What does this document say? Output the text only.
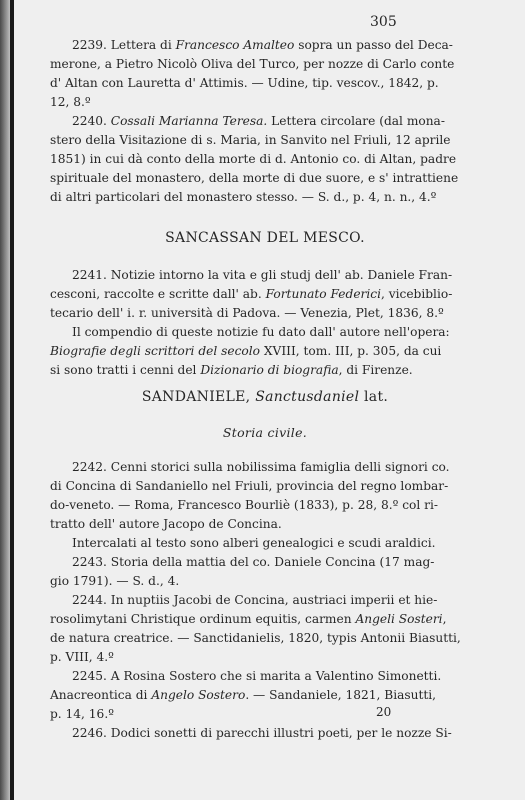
305
2239. Lettera di Francesco Amalteo sopra un passo del Deca-
merone, a Pietro Nicolò Oliva del Turco, per nozze di Carlo conte
d' Altan con Lauretta d' Attimis. — Udine, tip. vescov., 1842, p.
12, 8.º
2240. Cossali Marianna Teresa. Lettera circolare (dal mona-
stero della Visitazione di s. Maria, in Sanvito nel Friuli, 12 aprile
1851) in cui dà conto della morte di d. Antonio co. di Altan, padre
spirituale del monastero, della morte di due suore, e s' intrattiene
di altri particolari del monastero stesso. — S. d., p. 4, n. n., 4.º
SANCASSAN DEL MESCO.
2241. Notizie intorno la vita e gli studj dell' ab. Daniele Fran-
cesconi, raccolte e scritte dall' ab. Fortunato Federici, vicebiblio-
tecario dell' i. r. università di Padova. — Venezia, Plet, 1836, 8.º
Il compendio di queste notizie fu dato dall' autore nell'opera:
Biografie degli scrittori del secolo XVIII, tom. III, p. 305, da cui
si sono tratti i cenni del Dizionario di biografia, di Firenze.
SANDANIELE, Sanctusdaniel lat.
Storia civile.
2242. Cenni storici sulla nobilissima famiglia delli signori co.
di Concina di Sandaniello nel Friuli, provincia del regno lombar-
do-veneto. — Roma, Francesco Bourliè (1833), p. 28, 8.º col ri-
tratto dell' autore Jacopo de Concina.
Intercalati al testo sono alberi genealogici e scudi araldici.
2243. Storia della mattia del co. Daniele Concina (17 mag-
gio 1791). — S. d., 4.
2244. In nuptiis Jacobi de Concina, austriaci imperii et hie-
rosolimytani Christique ordinum equitis, carmen Angeli Sosteri,
de natura creatrice. — Sanctidanielis, 1820, typis Antonii Biasutti,
p. VIII, 4.º
2245. A Rosina Sostero che si marita a Valentino Simonetti.
Anacreontica di Angelo Sostero. — Sandaniele, 1821, Biasutti,
p. 14, 16.º
2246. Dodici sonetti di parecchi illustri poeti, per le nozze Si-
20
